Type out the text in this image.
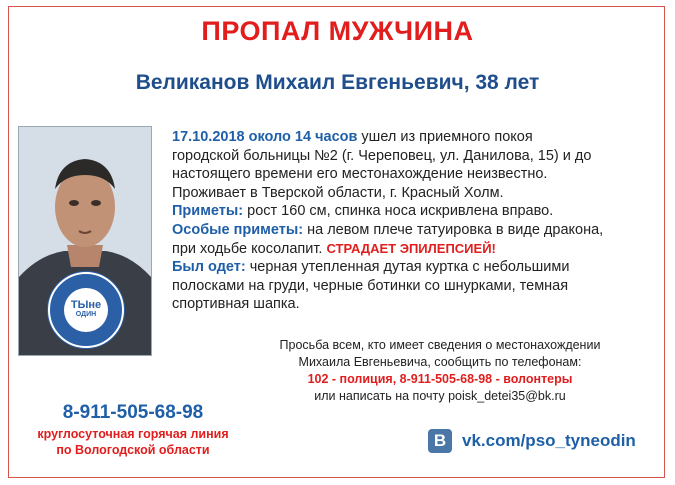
ПРОПАЛ МУЖЧИНА
Великанов Михаил Евгеньевич, 38 лет
ТЫне
ОДИН
17.10.2018 около 14 часов ушел из приемного покоя
городской больницы №2 (г. Череповец, ул. Данилова, 15) и до
настоящего времени его местонахождение неизвестно.
Проживает в Тверской области, г. Красный Холм.
Приметы: рост 160 см, спинка носа искривлена вправо.
Особые приметы: на левом плече татуировка в виде дракона,
при ходьбе косолапит. СТРАДАЕТ ЭПИЛЕПСИЕЙ!
Был одет: черная утепленная дутая куртка с небольшими
полосками на груди, черные ботинки со шнурками, темная
спортивная шапка.
Просьба всем, кто имеет сведения о местонахождении
Михаила Евгеньевича, сообщить по телефонам:
102 - полиция, 8-911-505-68-98 - волонтеры
или написать на почту poisk_detei35@bk.ru
8-911-505-68-98
круглосуточная горячая линия
по Вологодской области	В vk.com/pso_tyneodin
